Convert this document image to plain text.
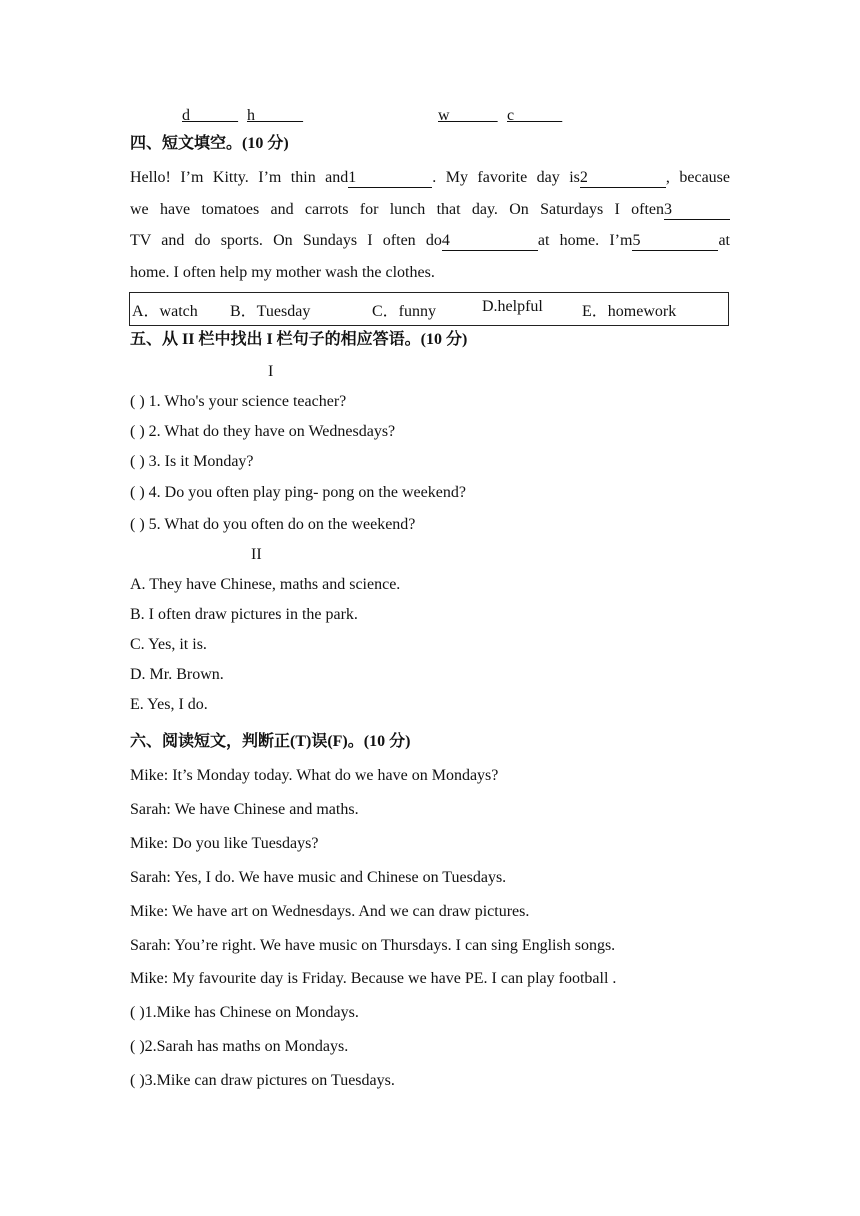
d______ h______	w______ c______
四、短文填空。(10 分)
Hello! I’m Kitty. I’m thin and1	. My favorite day is2	, because
we have tomatoes and carrots for lunch that day. On Saturdays I often3
TV and do sports. On Sundays I often do4	at home. I’m5	at
home. I often help my mother wash the clothes.
A．watch B．Tuesday	C．funny	D.helpful E．homework
五、从 II 栏中找出 I 栏句子的相应答语。(10 分)
I
( ) 1. Who's your science teacher?
( ) 2. What do they have on Wednesdays?
( ) 3. Is it Monday?
( ) 4. Do you often play ping- pong on the weekend?
( ) 5. What do you often do on the weekend?
II
A. They have Chinese, maths and science.
B. I often draw pictures in the park.
C. Yes, it is.
D. Mr. Brown.
E. Yes, I do.
六、阅读短文，判断正(T)误(F)。(10 分)
Mike: It’s Monday today. What do we have on Mondays?
Sarah: We have Chinese and maths.
Mike: Do you like Tuesdays?
Sarah: Yes, I do. We have music and Chinese on Tuesdays.
Mike: We have art on Wednesdays. And we can draw pictures.
Sarah: You’re right. We have music on Thursdays. I can sing English songs.
Mike: My favourite day is Friday. Because we have PE. I can play football .
( )1.Mike has Chinese on Mondays.
( )2.Sarah has maths on Mondays.
( )3.Mike can draw pictures on Tuesdays.
